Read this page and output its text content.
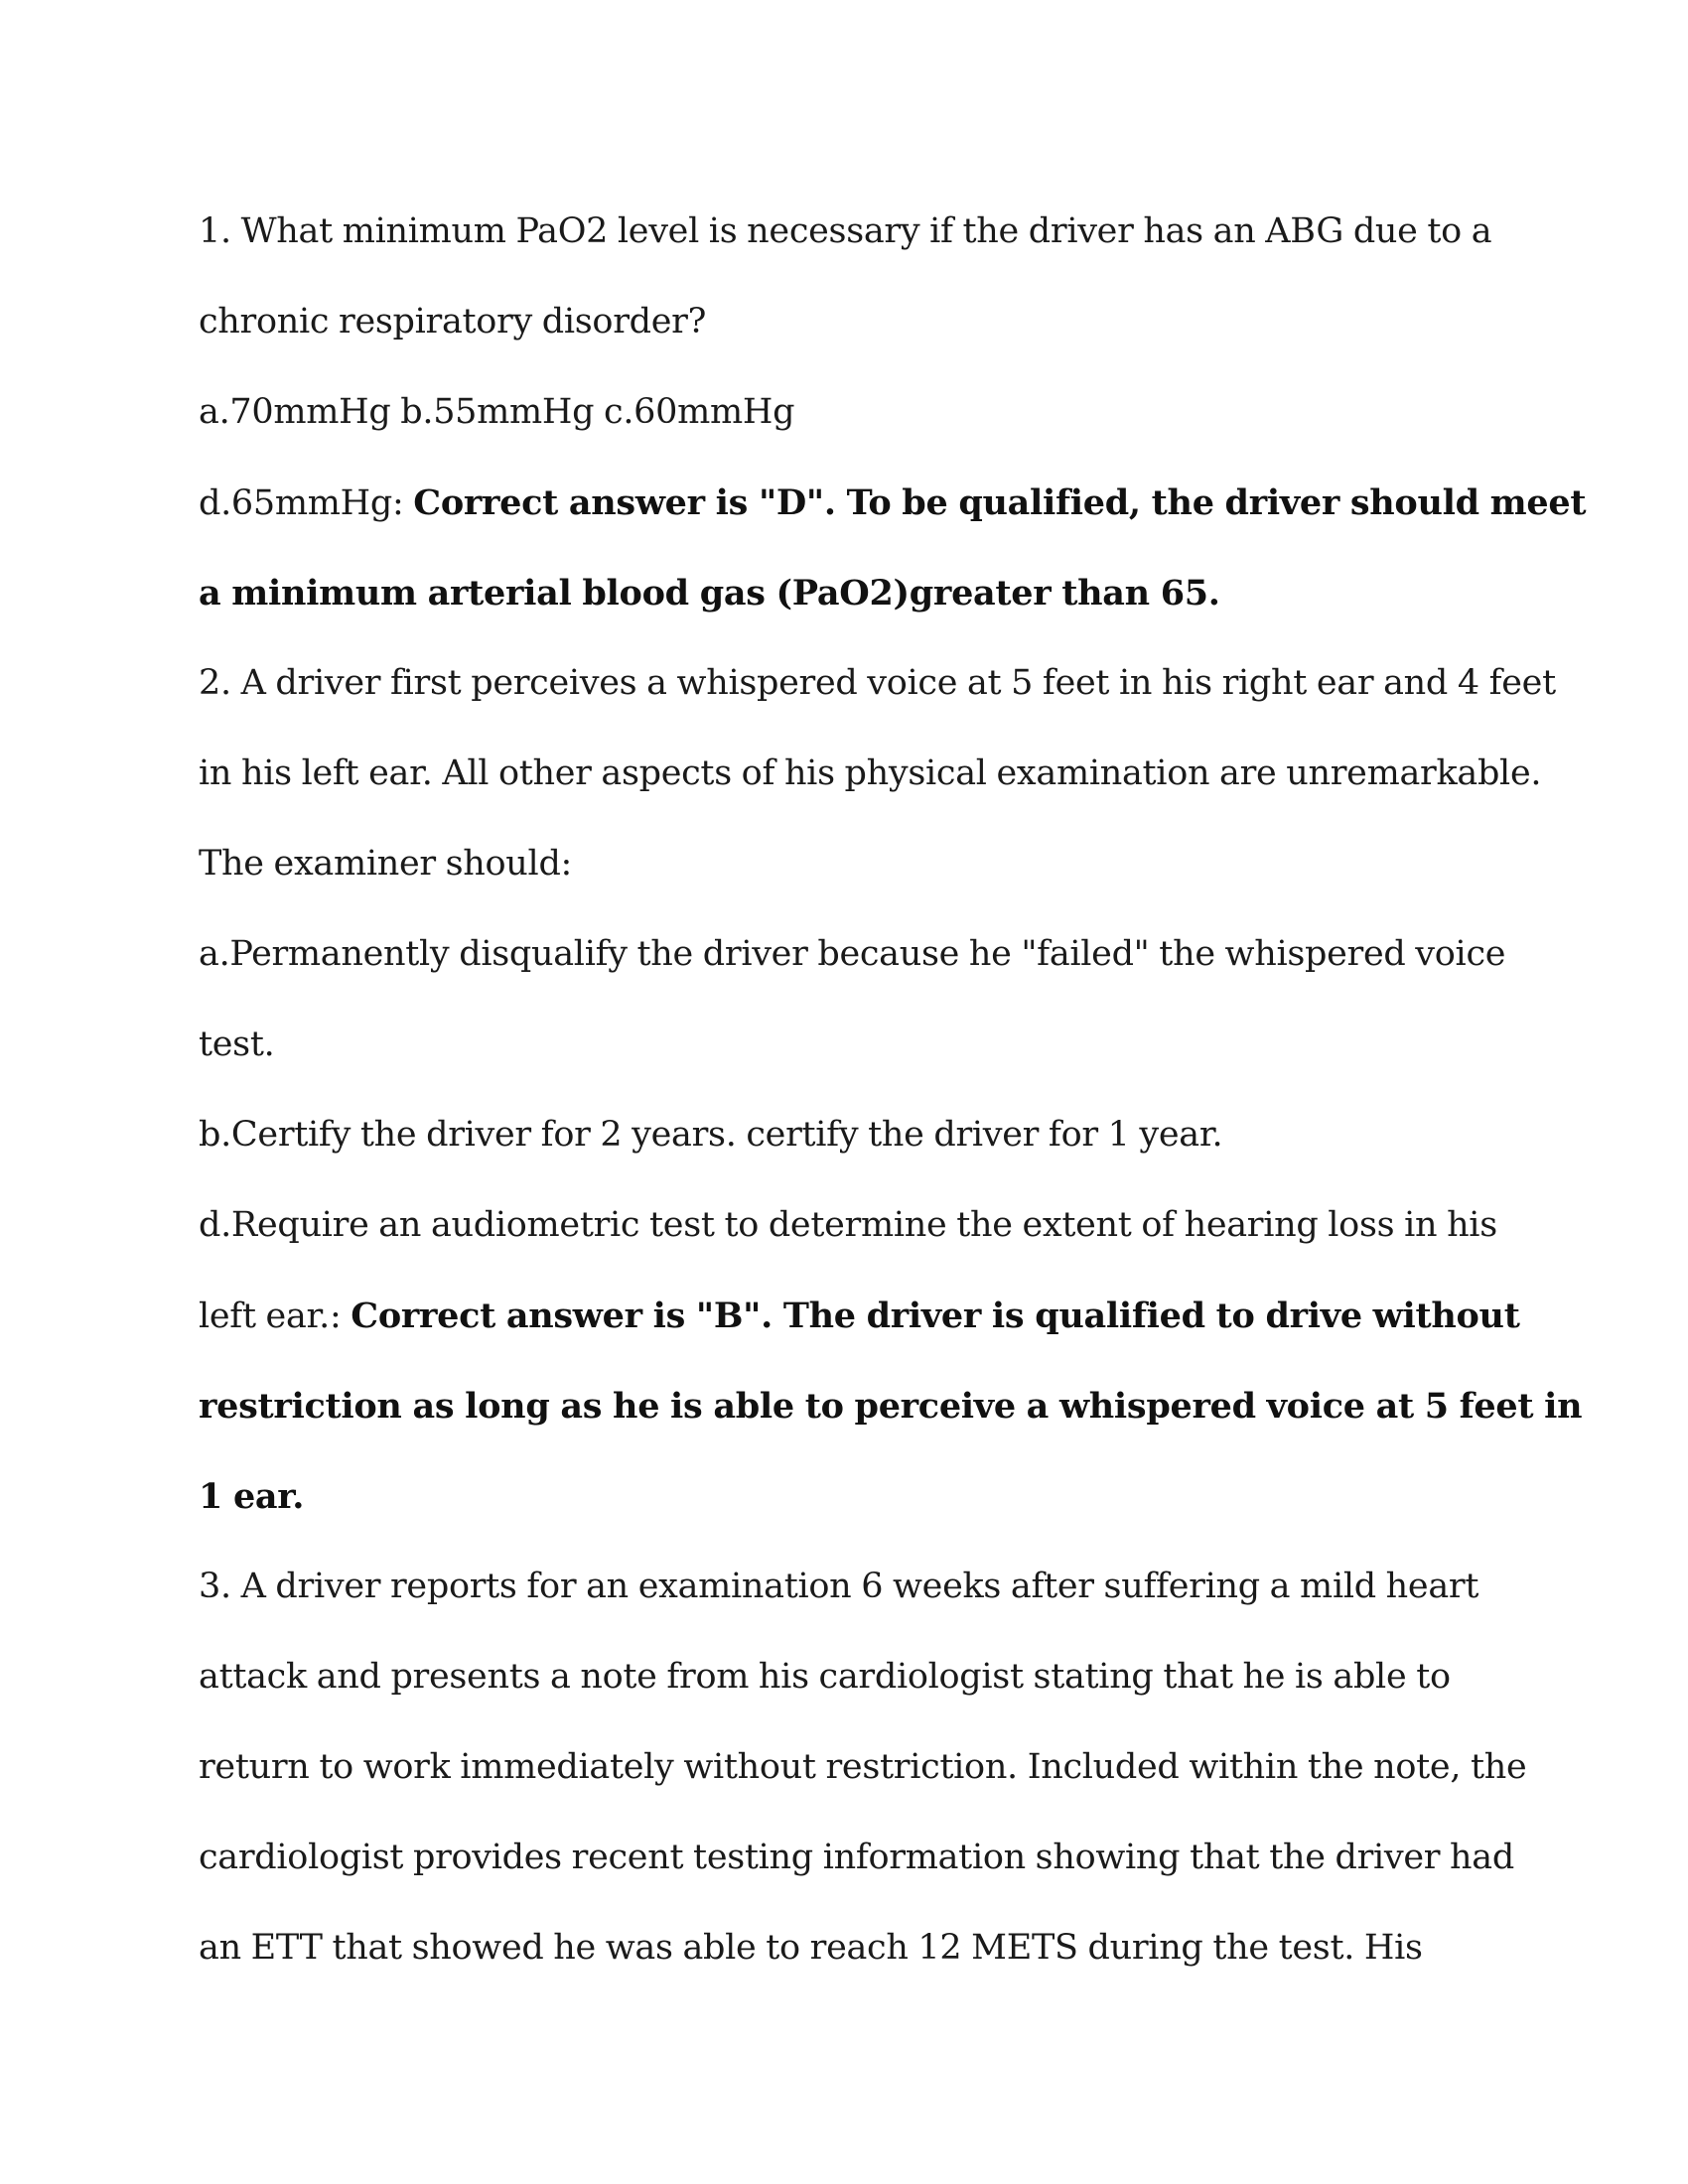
1. What minimum PaO2 level is necessary if the driver has an ABG due to a
chronic respiratory disorder?
a.70mmHg b.55mmHg c.60mmHg
d.65mmHg: Correct answer is "D". To be qualified, the driver should meet
a minimum arterial blood gas (PaO2)greater than 65.
2. A driver first perceives a whispered voice at 5 feet in his right ear and 4 feet
in his left ear. All other aspects of his physical examination are unremarkable.
The examiner should:
a.Permanently disqualify the driver because he "failed" the whispered voice
test.
b.Certify the driver for 2 years. certify the driver for 1 year.
d.Require an audiometric test to determine the extent of hearing loss in his
left ear.: Correct answer is "B". The driver is qualified to drive without
restriction as long as he is able to perceive a whispered voice at 5 feet in
1 ear.
3. A driver reports for an examination 6 weeks after suffering a mild heart
attack and presents a note from his cardiologist stating that he is able to
return to work immediately without restriction. Included within the note, the
cardiologist provides recent testing information showing that the driver had
an ETT that showed he was able to reach 12 METS during the test. His
